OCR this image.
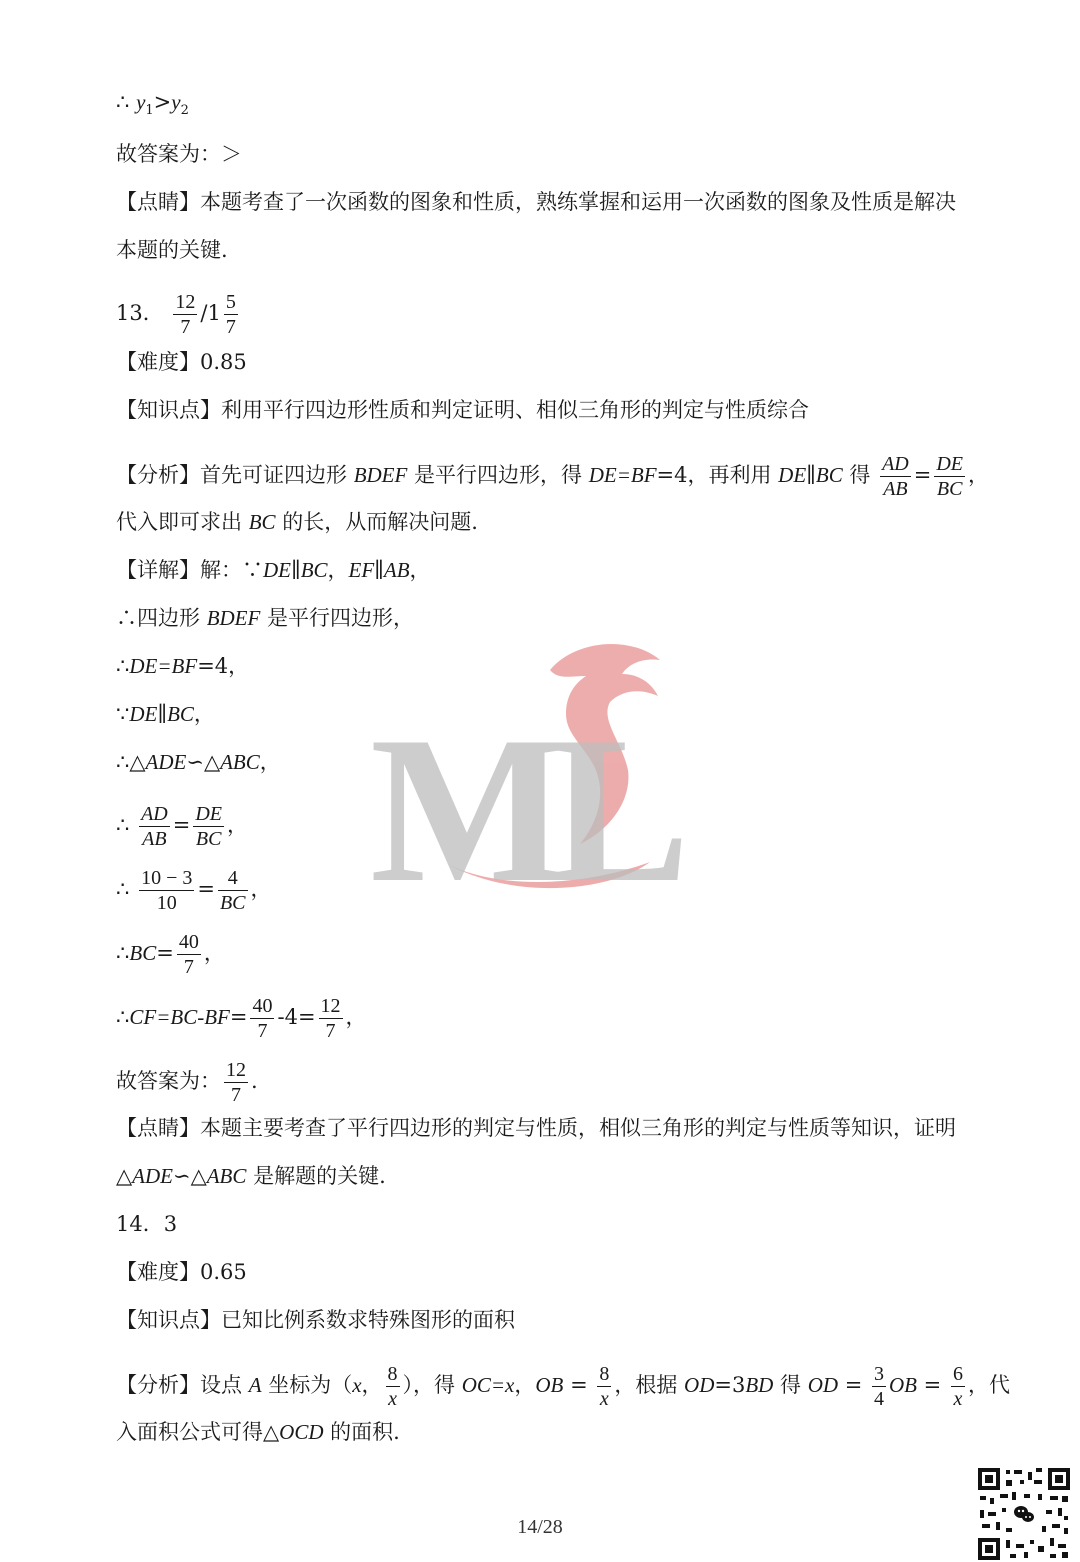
∴ $y_1>y_2$
故答案为：＞
【点睛】本题考查了一次函数的图象和性质，熟练掌握和运用一次函数的图象及性质是解决
本题的关键.
13． $\frac{12}{7} /1 \frac{5}{7}$
【难度】0.85
【知识点】利用平行四边形性质和判定证明、相似三角形的判定与性质综合
【分析】首先可证四边形 BDEF 是平行四边形，得 DE=BF=4，再利用 DE∥BC 得 $\frac{AD}{AB} = \frac{DE}{BC}$ ，
代入即可求出 BC 的长，从而解决问题.
【详解】解：∵DE∥BC，EF∥AB，
∴四边形 BDEF 是平行四边形，
∴DE=BF=4，
∵DE∥BC，
∴△ADE∽△ABC，
∴ $\frac{AD}{AB} = \frac{DE}{BC}$ ，
∴ $\frac{10 - 3}{10} = \frac{4}{BC}$ ，
∴BC= $\frac{40}{7}$ ，
∴CF=BC-BF= $\frac{40}{7} -4= \frac{12}{7}$ ，
故答案为： $\frac{12}{7}$ .
【点睛】本题主要考查了平行四边形的判定与性质，相似三角形的判定与性质等知识，证明
△ADE∽△ABC 是解题的关键.
14．3
【难度】0.65
【知识点】已知比例系数求特殊图形的面积
【分析】设点 A 坐标为（x， $\frac{8}{x}$ ），得 OC=x，OB = $\frac{8}{x}$ ，根据 OD=3BD 得 OD = $\frac{3}{4}$ OB = $\frac{6}{x}$ ，代
入面积公式可得△OCD 的面积.
M
L
14/28
